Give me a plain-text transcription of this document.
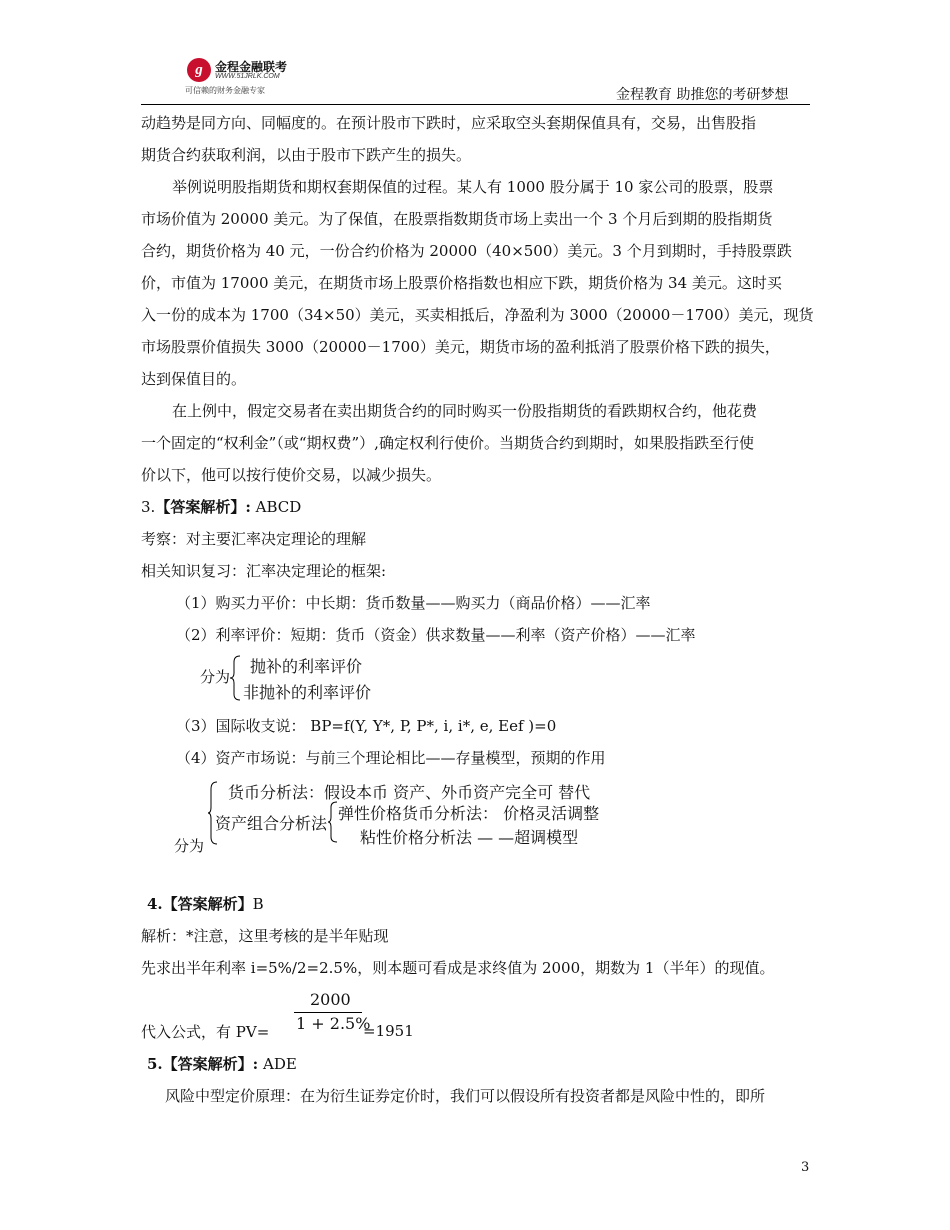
g	金程金融联考
WWW.51JRLK.COM
可信赖的财务金融专家	金程教育 助推您的考研梦想
动趋势是同方向、同幅度的。在预计股市下跌时，应采取空头套期保值具有，交易，出售股指
期货合约获取利润，以由于股市下跌产生的损失。
举例说明股指期货和期权套期保值的过程。某人有 1000 股分属于 10 家公司的股票，股票
市场价值为 20000 美元。为了保值，在股票指数期货市场上卖出一个 3 个月后到期的股指期货
合约，期货价格为 40 元，一份合约价格为 20000（40×500）美元。3 个月到期时，手持股票跌
价，市值为 17000 美元，在期货市场上股票价格指数也相应下跌，期货价格为 34 美元。这时买
入一份的成本为 1700（34×50）美元，买卖相抵后，净盈利为 3000（20000－1700）美元，现货
市场股票价值损失 3000（20000－1700）美元，期货市场的盈利抵消了股票价格下跌的损失，
达到保值目的。
在上例中，假定交易者在卖出期货合约的同时购买一份股指期货的看跌期权合约，他花费
一个固定的“权利金”（或“期权费”）,确定权利行使价。当期货合约到期时，如果股指跌至行使
价以下，他可以按行使价交易，以减少损失。
3.【答案解析】: ABCD
考察：对主要汇率决定理论的理解
相关知识复习：汇率决定理论的框架:
（1）购买力平价：中长期：货币数量——购买力（商品价格）——汇率
（2）利率评价：短期：货币（资金）供求数量——利率（资产价格）——汇率
分为
抛补的利率评价
非抛补的利率评价
（3）国际收支说： BP=f(Y, Y*, P, P*, i, i*, e, Eef )=0
（4）资产市场说：与前三个理论相比——存量模型，预期的作用
货币分析法：假设本币 资产、外币资产完全可 替代
资产组合分析法
弹性价格货币分析法： 价格灵活调整
粘性价格分析法 — —超调模型
分为
4.【答案解析】B
解析：*注意，这里考核的是半年贴现
先求出半年利率 i=5%/2=2.5%，则本题可看成是求终值为 2000，期数为 1（半年）的现值。
2000
代入公式，有 PV= 1 + 2.5%
=1951
5.【答案解析】: ADE
风险中型定价原理：在为衍生证券定价时，我们可以假设所有投资者都是风险中性的，即所
3
